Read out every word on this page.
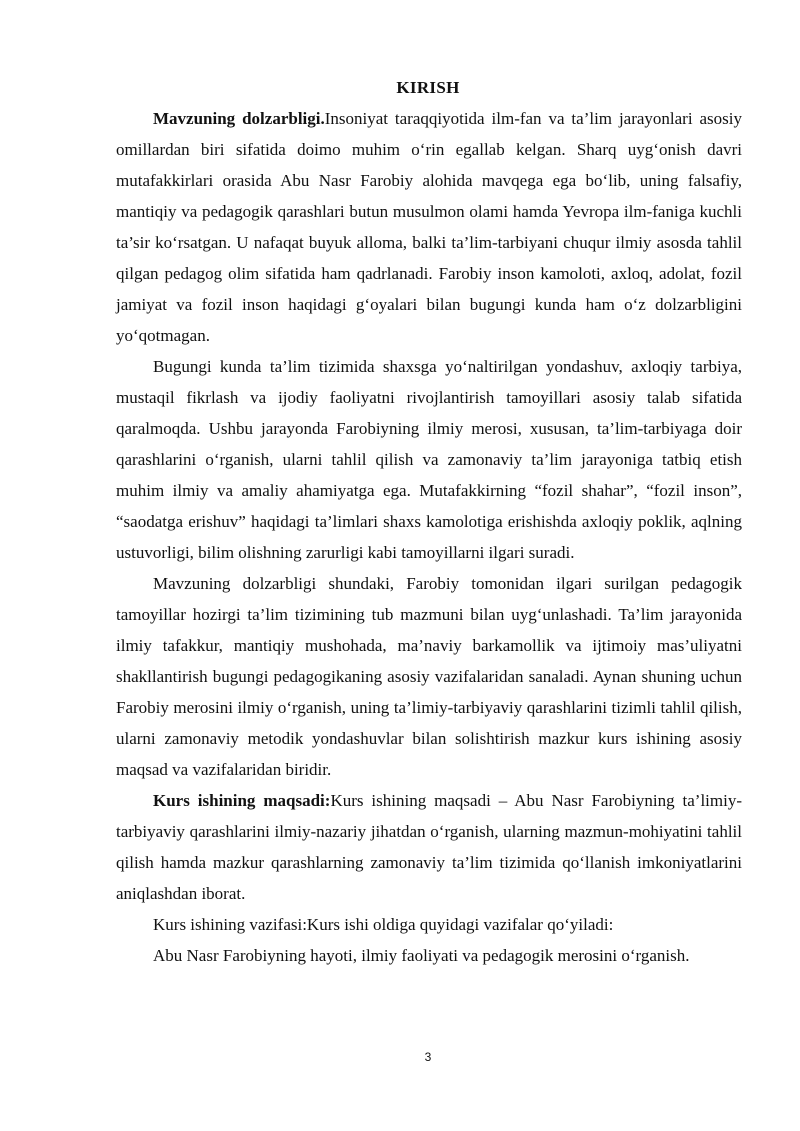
KIRISH

Mavzuning dolzarbligi.Insoniyat taraqqiyotida ilm-fan va ta’lim jarayonlari asosiy omillardan biri sifatida doimo muhim o‘rin egallab kelgan. Sharq uyg‘onish davri mutafakkirlari orasida Abu Nasr Farobiy alohida mavqega ega bo‘lib, uning falsafiy, mantiqiy va pedagogik qarashlari butun musulmon olami hamda Yevropa ilm-faniga kuchli ta’sir ko‘rsatgan. U nafaqat buyuk alloma, balki ta’lim-tarbiyani chuqur ilmiy asosda tahlil qilgan pedagog olim sifatida ham qadrlanadi. Farobiy inson kamoloti, axloq, adolat, fozil jamiyat va fozil inson haqidagi g‘oyalari bilan bugungi kunda ham o‘z dolzarbligini yo‘qotmagan.

Bugungi kunda ta’lim tizimida shaxsga yo‘naltirilgan yondashuv, axloqiy tarbiya, mustaqil fikrlash va ijodiy faoliyatni rivojlantirish tamoyillari asosiy talab sifatida qaralmoqda. Ushbu jarayonda Farobiyning ilmiy merosi, xususan, ta’lim-tarbiyaga doir qarashlarini o‘rganish, ularni tahlil qilish va zamonaviy ta’lim jarayoniga tatbiq etish muhim ilmiy va amaliy ahamiyatga ega. Mutafakkirning “fozil shahar”, “fozil inson”, “saodatga erishuv” haqidagi ta’limlari shaxs kamolotiga erishishda axloqiy poklik, aqlning ustuvorligi, bilim olishning zarurligi kabi tamoyillarni ilgari suradi.

Mavzuning dolzarbligi shundaki, Farobiy tomonidan ilgari surilgan pedagogik tamoyillar hozirgi ta’lim tizimining tub mazmuni bilan uyg‘unlashadi. Ta’lim jarayonida ilmiy tafakkur, mantiqiy mushohada, ma’naviy barkamollik va ijtimoiy mas’uliyatni shakllantirish bugungi pedagogikaning asosiy vazifalaridan sanaladi. Aynan shuning uchun Farobiy merosini ilmiy o‘rganish, uning ta’limiy-tarbiyaviy qarashlarini tizimli tahlil qilish, ularni zamonaviy metodik yondashuvlar bilan solishtirish mazkur kurs ishining asosiy maqsad va vazifalaridan biridir.

Kurs ishining maqsadi:Kurs ishining maqsadi – Abu Nasr Farobiyning ta’limiy-tarbiyaviy qarashlarini ilmiy-nazariy jihatdan o‘rganish, ularning mazmun-mohiyatini tahlil qilish hamda mazkur qarashlarning zamonaviy ta’lim tizimida qo‘llanish imkoniyatlarini aniqlashdan iborat.

Kurs ishining vazifasi:Kurs ishi oldiga quyidagi vazifalar qo‘yiladi:

Abu Nasr Farobiyning hayoti, ilmiy faoliyati va pedagogik merosini o‘rganish.

3
